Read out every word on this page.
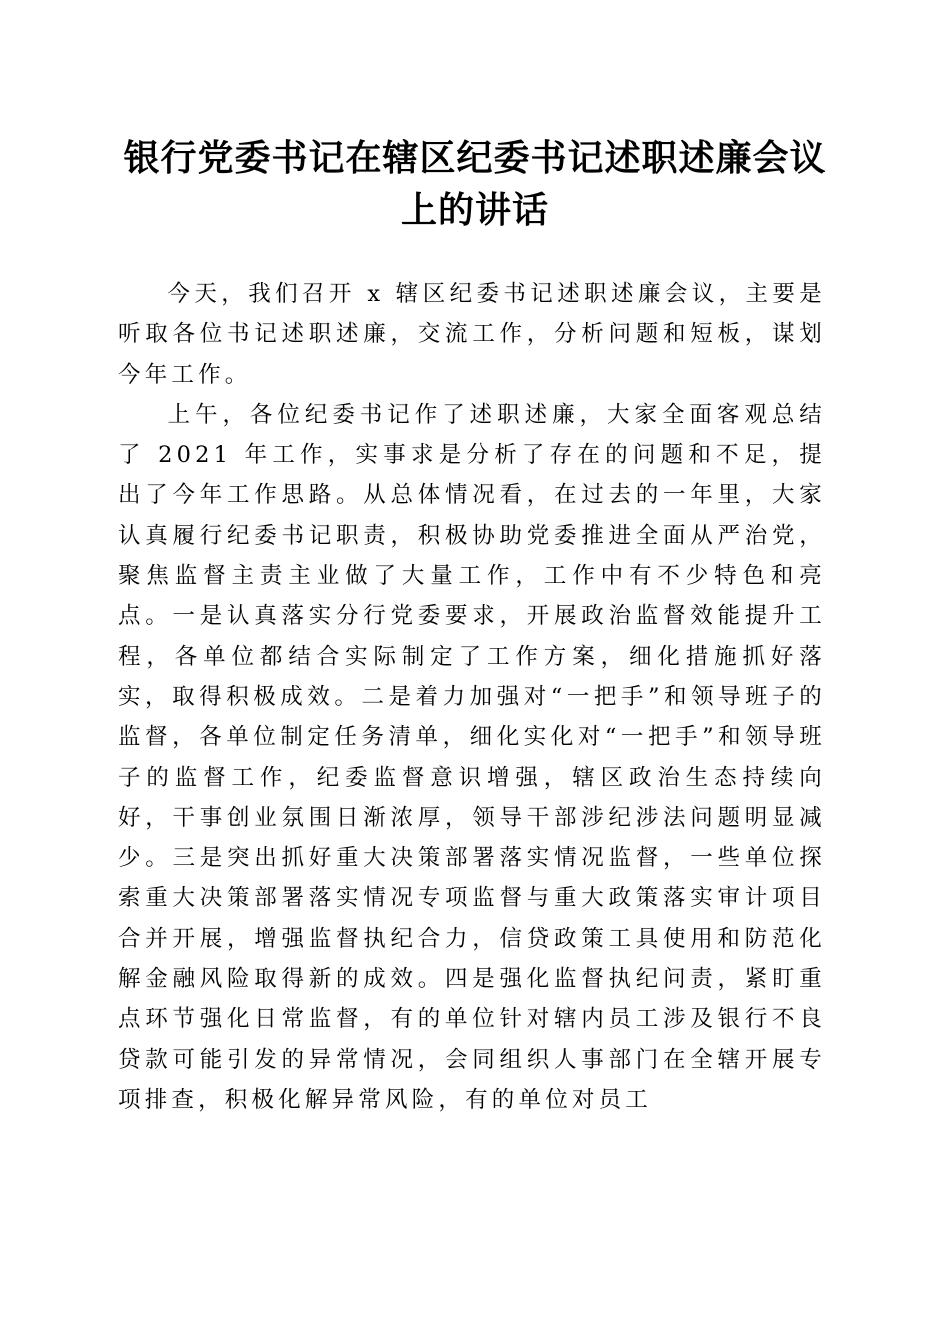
银行党委书记在辖区纪委书记述职述廉会议上的讲话

今天，我们召开 x 辖区纪委书记述职述廉会议，主要是听取各位书记述职述廉，交流工作，分析问题和短板，谋划今年工作。

上午，各位纪委书记作了述职述廉，大家全面客观总结了 2021 年工作，实事求是分析了存在的问题和不足，提出了今年工作思路。从总体情况看，在过去的一年里，大家认真履行纪委书记职责，积极协助党委推进全面从严治党，聚焦监督主责主业做了大量工作，工作中有不少特色和亮点。一是认真落实分行党委要求，开展政治监督效能提升工程，各单位都结合实际制定了工作方案，细化措施抓好落实，取得积极成效。二是着力加强对“一把手”和领导班子的监督，各单位制定任务清单，细化实化对“一把手”和领导班子的监督工作，纪委监督意识增强，辖区政治生态持续向好，干事创业氛围日渐浓厚，领导干部涉纪涉法问题明显减少。三是突出抓好重大决策部署落实情况监督，一些单位探索重大决策部署落实情况专项监督与重大政策落实审计项目合并开展，增强监督执纪合力，信贷政策工具使用和防范化解金融风险取得新的成效。四是强化监督执纪问责，紧盯重点环节强化日常监督，有的单位针对辖内员工涉及银行不良贷款可能引发的异常情况，会同组织人事部门在全辖开展专项排查，积极化解异常风险，有的单位对员工
